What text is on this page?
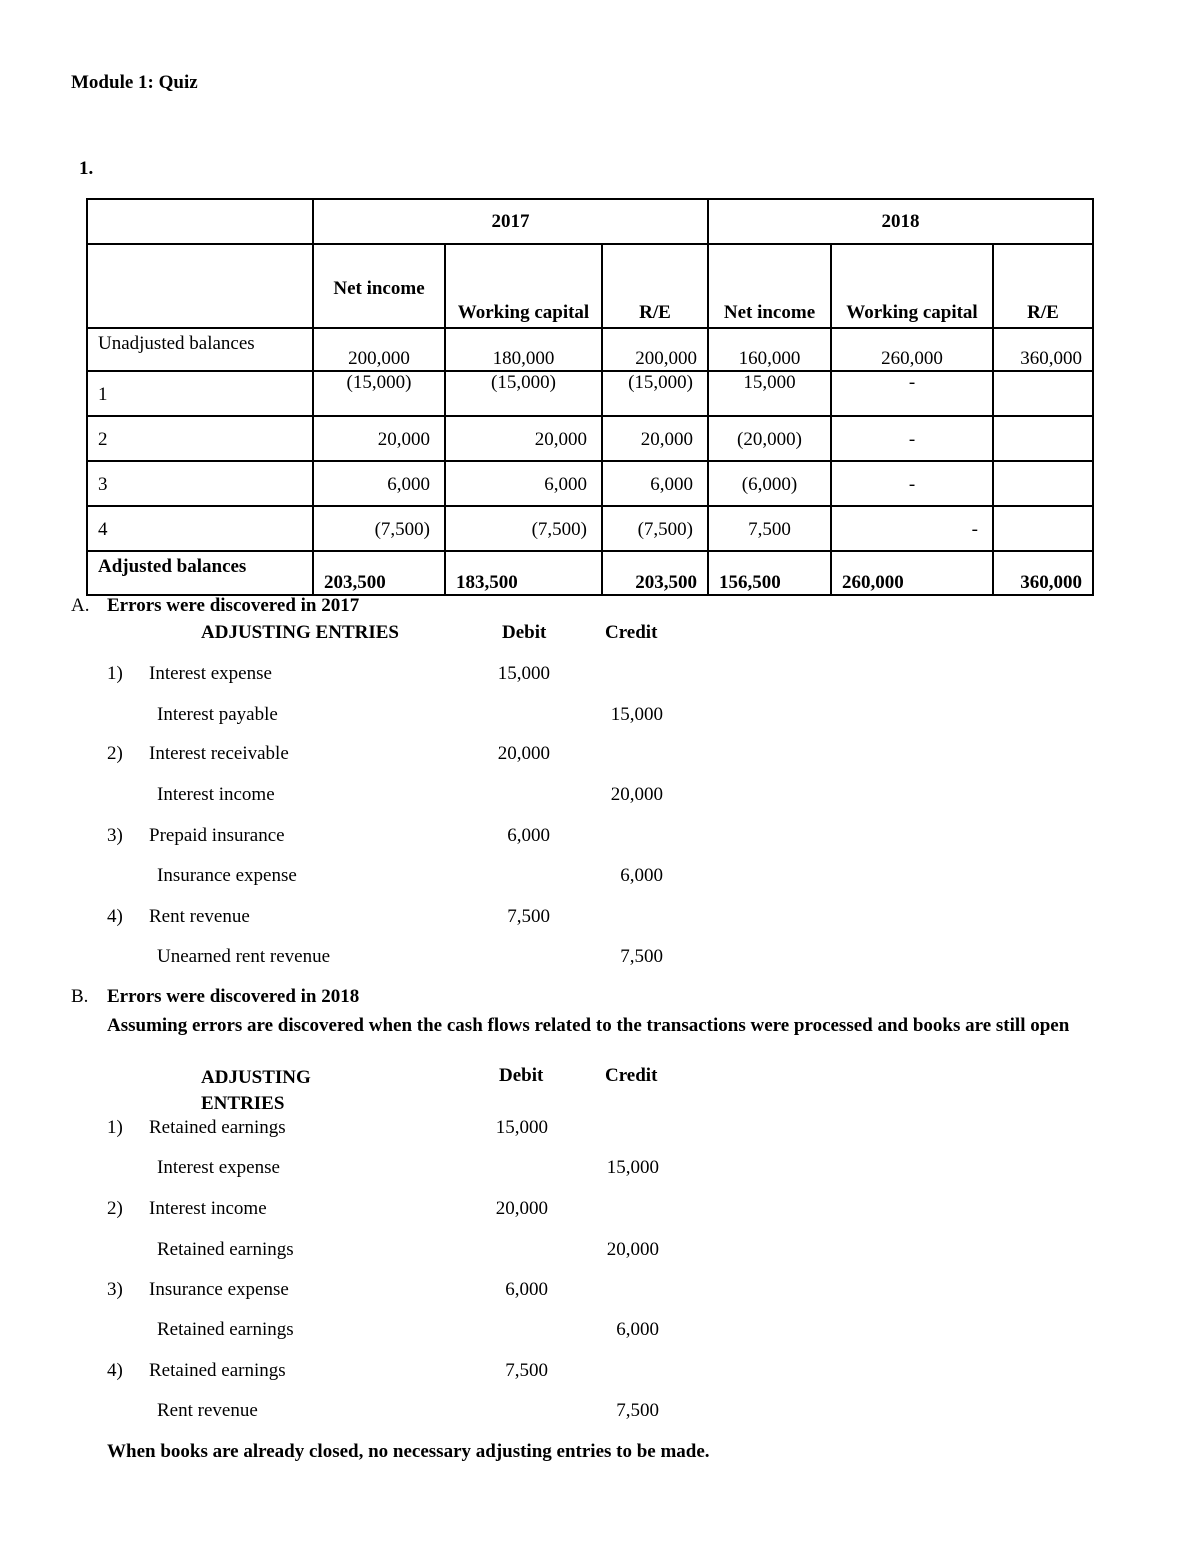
Module 1: Quiz
1.
	2017			2018		
	Net income	Working capital	R/E	Net income	Working capital	R/E
Unadjusted balances	200,000	180,000	200,000	160,000	260,000	360,000
1	(15,000)	(15,000)	(15,000)	15,000	-	
2	20,000	20,000	20,000	(20,000)	-	
3	6,000	6,000	6,000	(6,000)	-	
4	(7,500)	(7,500)	(7,500)	7,500	-	
Adjusted balances	203,500	183,500	203,500	156,500	260,000	360,000
A. Errors were discovered in 2017
ADJUSTING ENTRIES	Debit	Credit
1) Interest expense	15,000
Interest payable	15,000
2) Interest receivable	20,000
Interest income	20,000
3) Prepaid insurance	6,000
Insurance expense	6,000
4) Rent revenue	7,500
Unearned rent revenue	7,500
B. Errors were discovered in 2018
Assuming errors are discovered when the cash flows related to the transactions were processed and books are still open
ADJUSTING ENTRIES
Debit	Credit
1) Retained earnings	15,000
Interest expense	15,000
2) Interest income	20,000
Retained earnings	20,000
3) Insurance expense	6,000
Retained earnings	6,000
4) Retained earnings	7,500
Rent revenue	7,500
When books are already closed, no necessary adjusting entries to be made.
